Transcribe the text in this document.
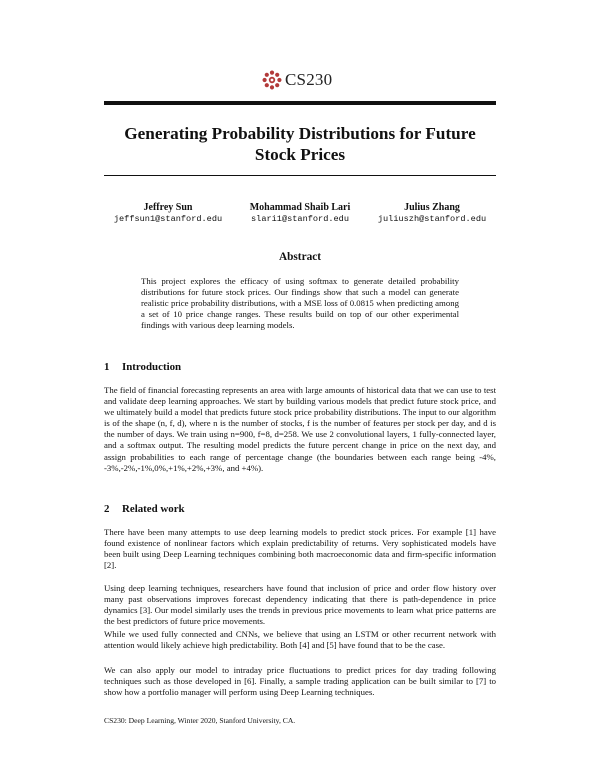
CS230
Generating Probability Distributions for Future Stock Prices
Jeffrey Sun
jeffsun1@stanford.edu
Mohammad Shaib Lari
slari1@stanford.edu
Julius Zhang
juliuszh@stanford.edu
Abstract

This project explores the efficacy of using softmax to generate detailed probability distributions for future stock prices. Our findings show that such a model can generate realistic price probability distributions, with a MSE loss of 0.0815 when predicting among a set of 10 price change ranges. These results build on top of our other experimental findings with various deep learning models.

1 Introduction

The field of financial forecasting represents an area with large amounts of historical data that we can use to test and validate deep learning approaches. We start by building various models that predict future stock price, and we ultimately build a model that predicts future stock price probability distributions. The input to our algorithm is of the shape (n, f, d), where n is the number of stocks, f is the number of features per stock per day, and d is the number of days. We train using n=900, f=8, d=258. We use 2 convolutional layers, 1 fully-connected layer, and a softmax output. The resulting model predicts the future percent change in price on the next day, and assign probabilities to each range of percentage change (the boundaries between each range being -4%, -3%,-2%,-1%,0%,+1%,+2%,+3%, and +4%).

2 Related work

There have been many attempts to use deep learning models to predict stock prices. For example [1] have found existence of nonlinear factors which explain predictability of returns. Very sophisticated models have been built using Deep Learning techniques combining both macroeconomic data and firm-specific information [2].

Using deep learning techniques, researchers have found that inclusion of price and order flow history over many past observations improves forecast dependency indicating that there is path-dependence in price dynamics [3]. Our model similarly uses the trends in previous price movements to learn what price patterns are the best predictors of future price movements.

While we used fully connected and CNNs, we believe that using an LSTM or other recurrent network with attention would likely achieve high predictability. Both [4] and [5] have found that to be the case.

We can also apply our model to intraday price fluctuations to predict prices for day trading following techniques such as those developed in [6]. Finally, a sample trading application can be built similar to [7] to show how a portfolio manager will perform using Deep Learning techniques.

CS230: Deep Learning, Winter 2020, Stanford University, CA.
